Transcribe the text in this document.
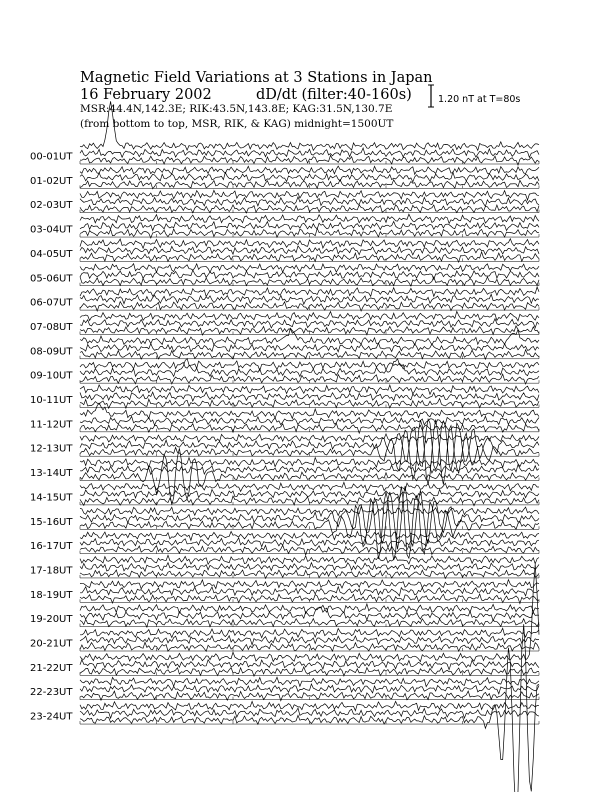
Magnetic Field Variations at 3 Stations in Japan
16 February 2002	dD/dt (filter:40-160s)
MSR:44.4N,142.3E; RIK:43.5N,143.8E; KAG:31.5N,130.7E
(from bottom to top, MSR, RIK, & KAG) midnight=1500UT
1.20 nT at T=80s
00-01UT
01-02UT
02-03UT
03-04UT
04-05UT
05-06UT
06-07UT
07-08UT
08-09UT
09-10UT
10-11UT
11-12UT
12-13UT
13-14UT
14-15UT
15-16UT
16-17UT
17-18UT
18-19UT
19-20UT
20-21UT
21-22UT
22-23UT
23-24UT
